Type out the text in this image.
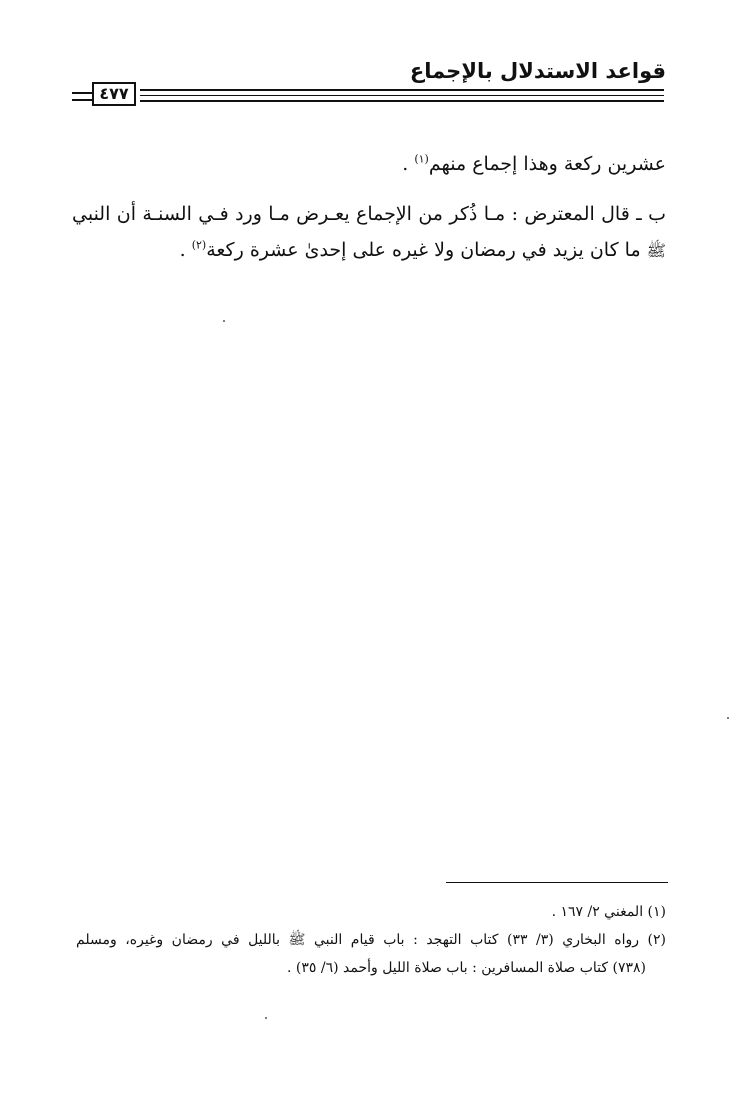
قواعد الاستدلال بالإجماع
٤٧٧
عشرين ركعة وهذا إجماع منهم$^{(١)}$ .
ب ـ قال المعترض : مـا ذُكر من الإجماع يعـرض مـا ورد فـي السنـة أن النبي ﷺ ما كان يزيد في رمضان ولا غيره على إحدىٰ عشرة ركعة$^{(٢)}$ .
(١) المغني ٢/ ١٦٧ .
(٢) رواه البخاري (٣/ ٣٣) كتاب التهجد : باب قيام النبي ﷺ بالليل في رمضان وغيره، ومسلم
(٧٣٨) كتاب صلاة المسافرين : باب صلاة الليل وأحمد (٦/ ٣٥) .
